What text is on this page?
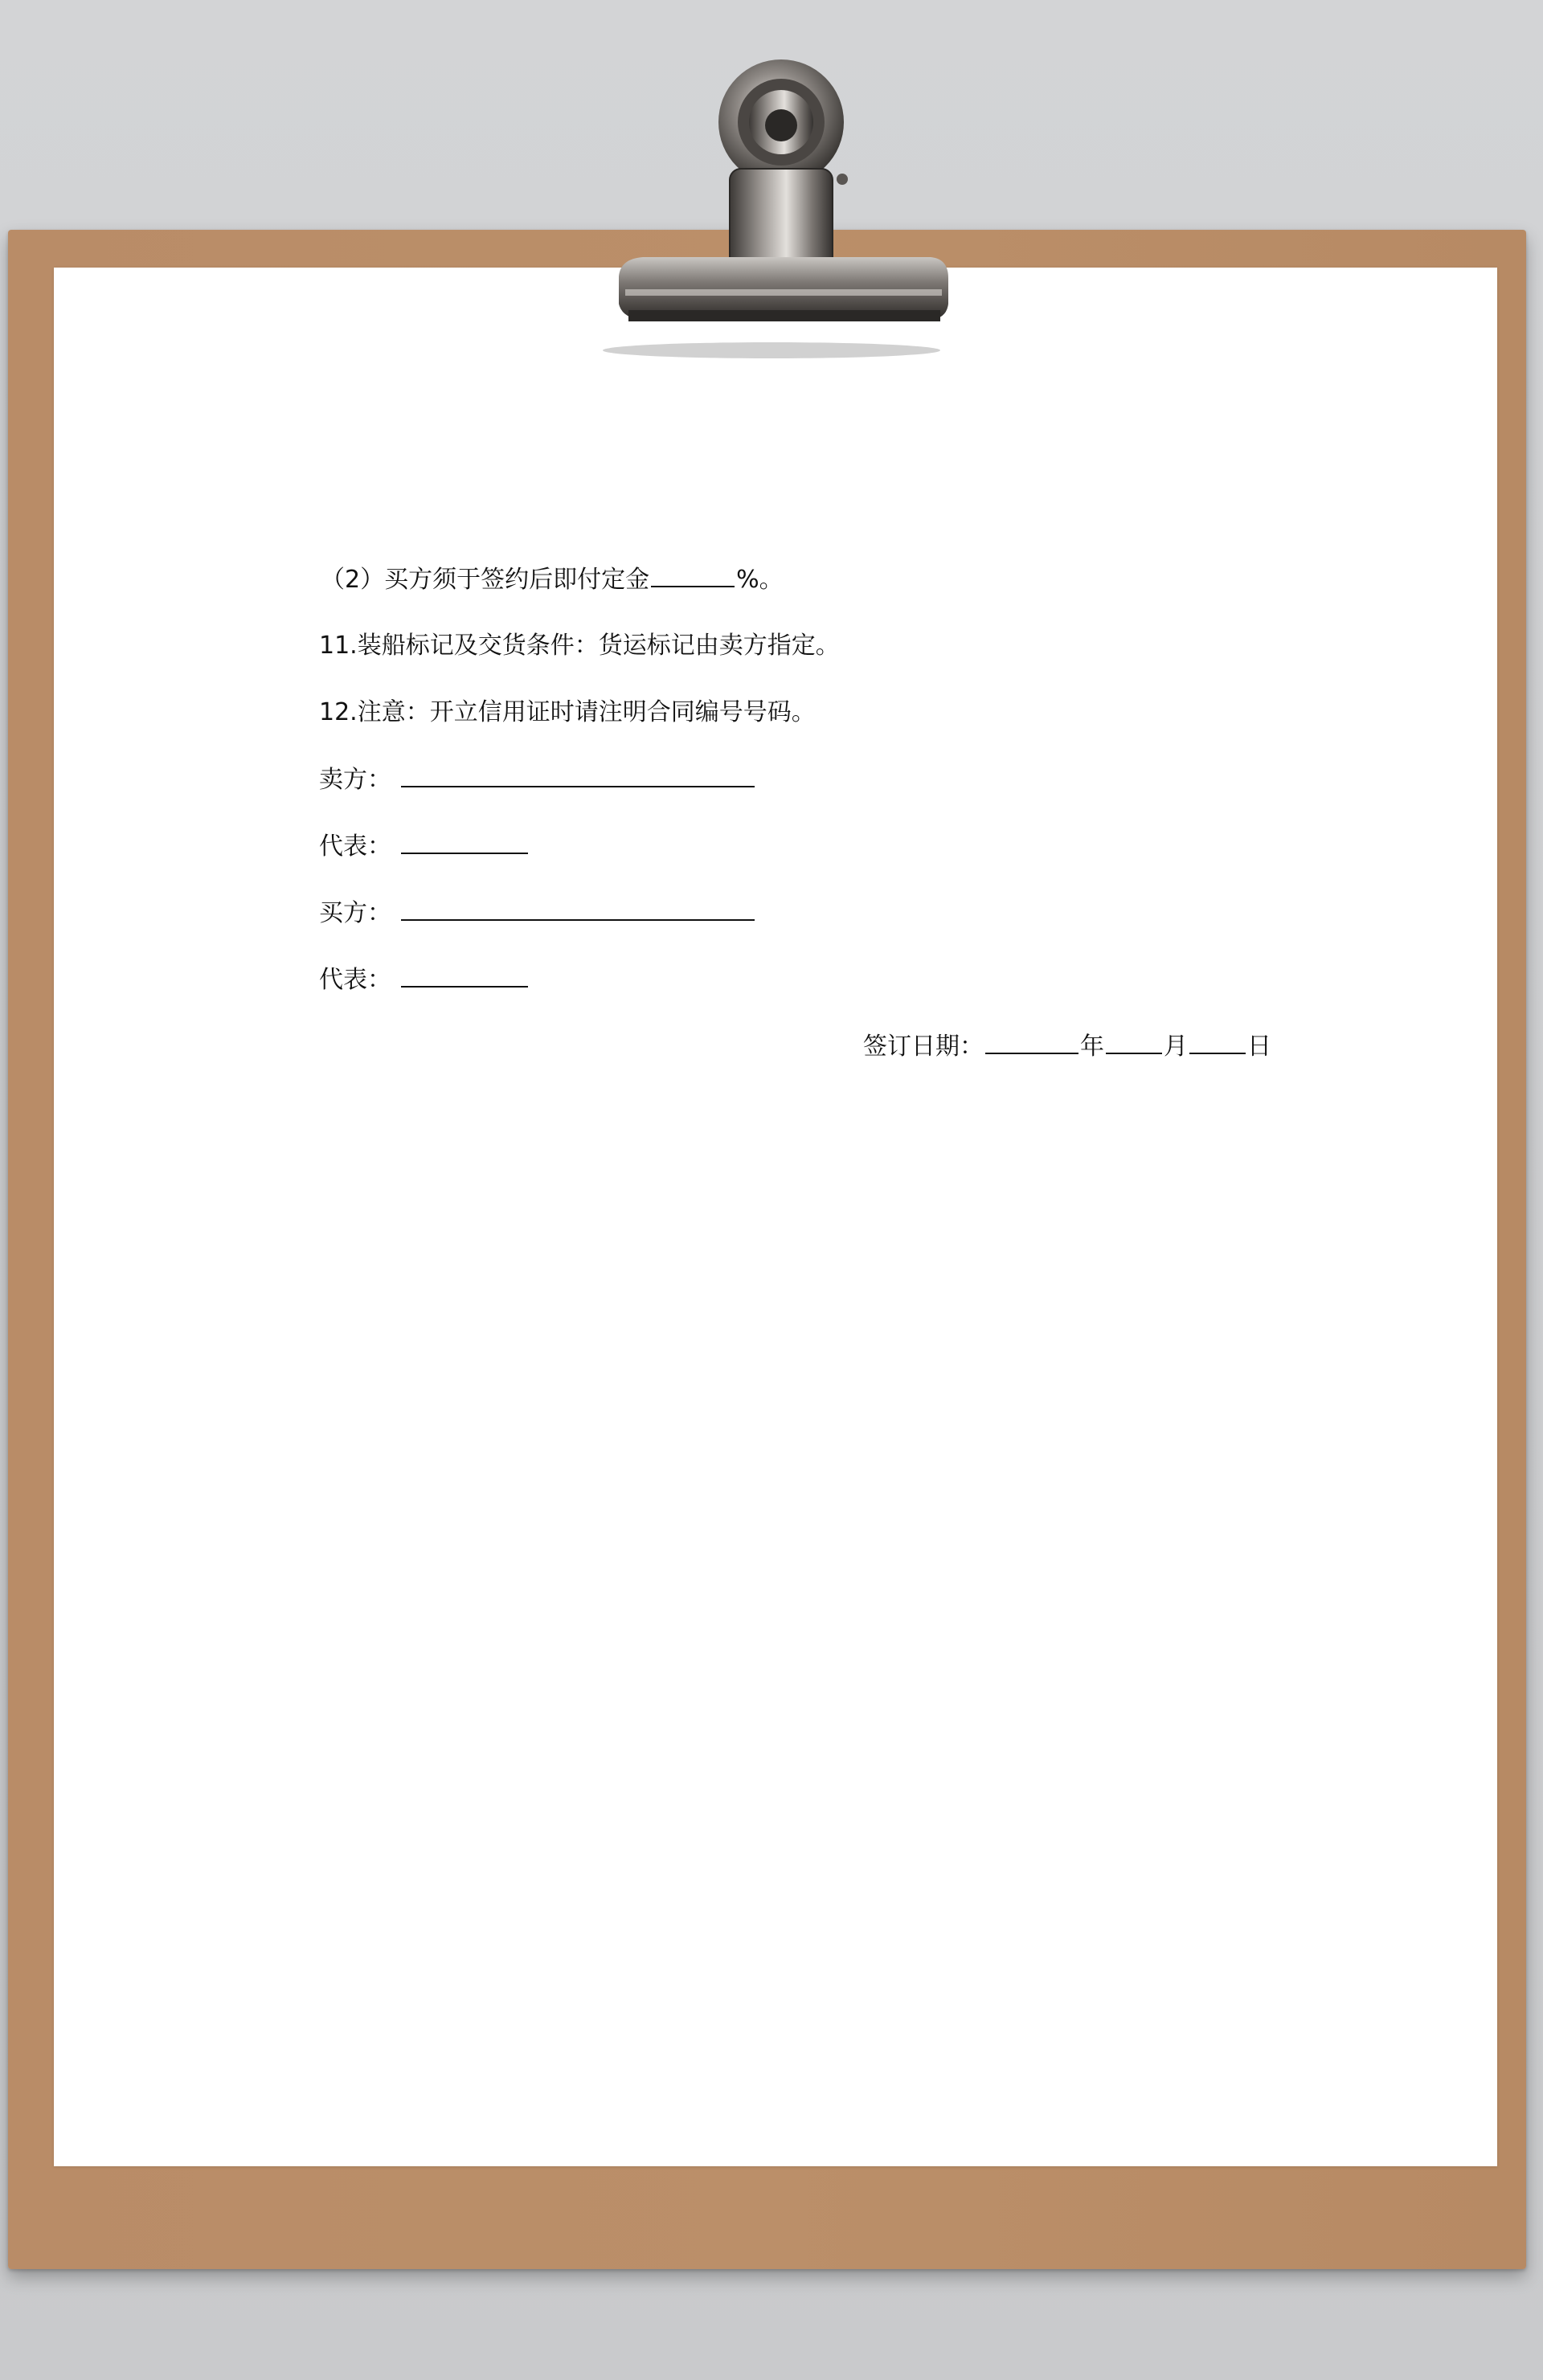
（2）买方须于签约后即付定金	%。
11.装船标记及交货条件：货运标记由卖方指定。
12.注意：开立信用证时请注明合同编号号码。
卖方：
代表：
买方：
代表：
签订日期：	年 月 日
